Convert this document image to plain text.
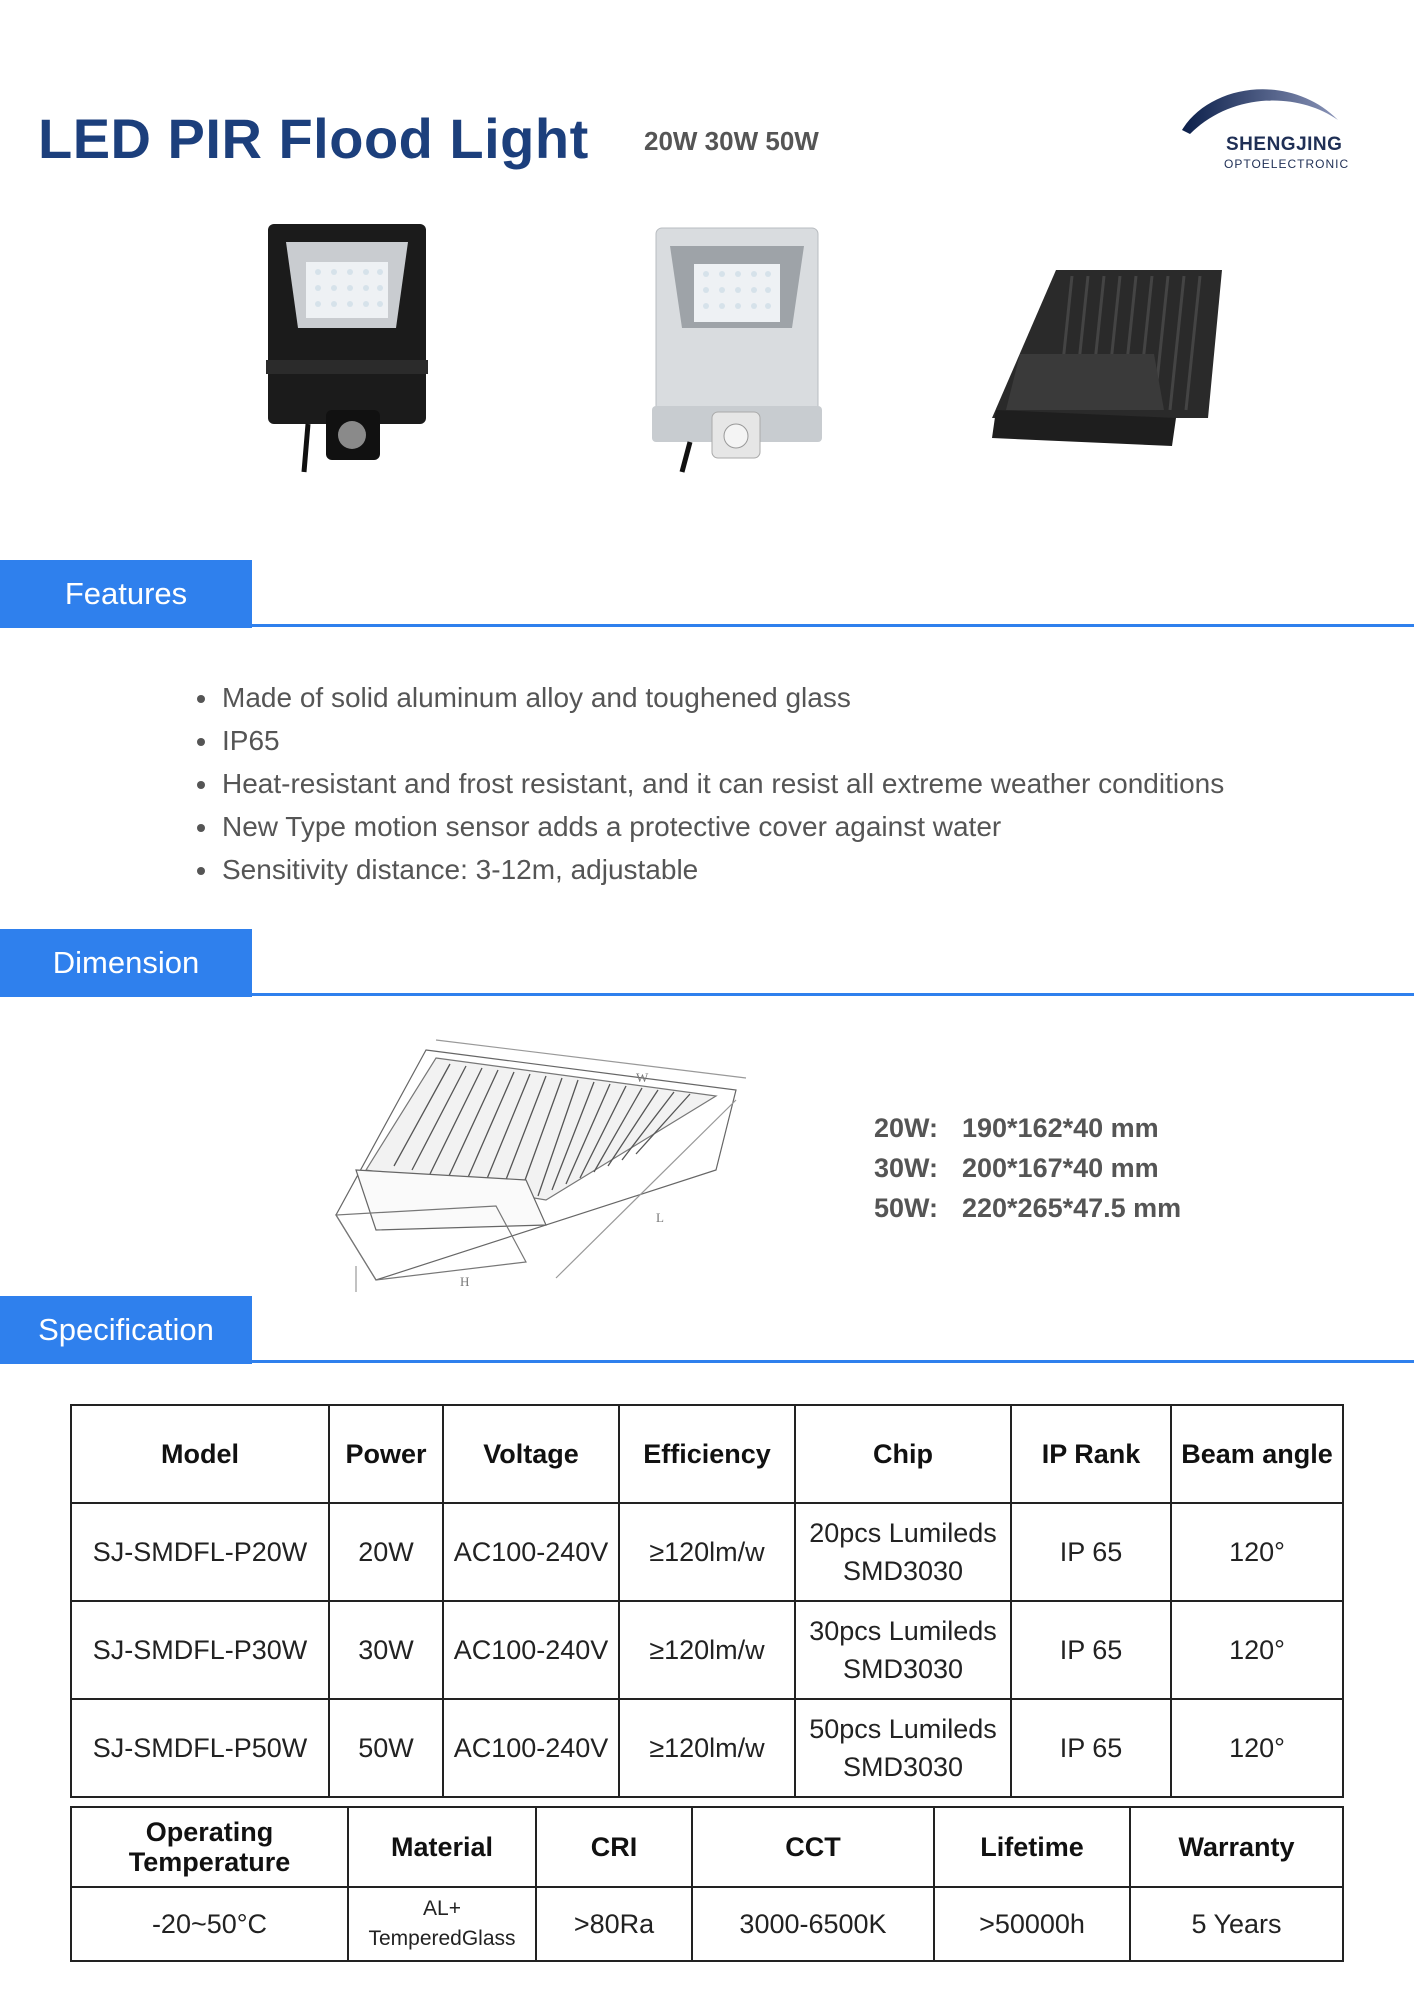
LED PIR Flood Light 20W 30W 50W	SHENGJING
OPTOELECTRONIC
Features
• Made of solid aluminum alloy and toughened glass
• IP65
• Heat-resistant and frost resistant, and it can resist all extreme weather conditions
• New Type motion sensor adds a protective cover against water
• Sensitivity distance: 3-12m, adjustable
Dimension
W
L
H
20W: 190*162*40 mm
30W: 200*167*40 mm
50W: 220*265*47.5 mm
Specification
Model	Power	Voltage	Efficiency	Chip	IP Rank	Beam angle
SJ-SMDFL-P20W	20W	AC100-240V	≥120lm/w	20pcs Lumileds SMD3030	IP 65	120°
SJ-SMDFL-P30W	30W	AC100-240V	≥120lm/w	30pcs Lumileds SMD3030	IP 65	120°
SJ-SMDFL-P50W	50W	AC100-240V	≥120lm/w	50pcs Lumileds SMD3030	IP 65	120°
Operating Temperature	Material	CRI	CCT	Lifetime	Warranty
-20~50°C	AL+ TemperedGlass	>80Ra	3000-6500K	>50000h	5 Years
